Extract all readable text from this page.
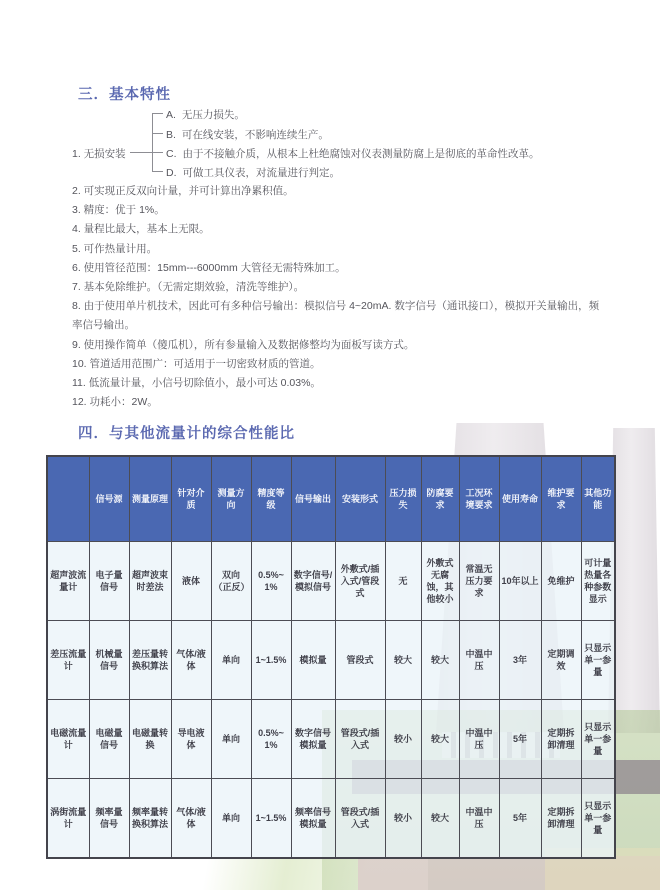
三．基本特性
1. 无损安装
A. 无压力损失。
B. 可在线安装，不影响连续生产。
C. 由于不接触介质，从根本上杜绝腐蚀对仪表测量防腐上是彻底的革命性改革。
D. 可做工具仪表，对流量进行判定。
2. 可实现正反双向计量，并可计算出净累积值。
3. 精度：优于 1%。
4. 量程比最大，基本上无限。
5. 可作热量计用。
6. 使用管径范围：15mm---6000mm 大管径无需特殊加工。
7. 基本免除维护。（无需定期效验，清洗等维护）。
8. 由于使用单片机技术，因此可有多种信号输出：模拟信号 4~20mA. 数字信号（通讯接口），模拟开关量输出，频率信号输出。
9. 使用操作简单（傻瓜机），所有参量输入及数据修整均为面板写读方式。
10. 管道适用范围广：可适用于一切密致材质的管道。
11. 低流量计量，小信号切除值小，最小可达 0.03%。
12. 功耗小：2W。
四．与其他流量计的综合性能比
	信号源	测量原理	针对介质	测量方向	精度等级	信号输出	安装形式	压力损失	防腐要求	工况环境要求	使用寿命	维护要求	其他功能
超声波流量计	电子量信号	超声波束时差法	液体	双向（正反）	0.5%~1%	数字信号/模拟信号	外敷式/插入式/管段式	无	外敷式无腐蚀，其他较小	常温无压力要求	10年以上	免维护	可计量热量各种参数显示
差压流量计	机械量信号	差压量转换积算法	气体/液体	单向	1~1.5%	模拟量	管段式	较大	较大	中温中压	3年	定期调效	只显示单一参量
电磁流量计	电磁量信号	电磁量转换	导电液体	单向	0.5%~1%	数字信号模拟量	管段式/插入式	较小	较大	中温中压	5年	定期拆卸清理	只显示单一参量
涡街流量计	频率量信号	频率量转换积算法	气体/液体	单向	1~1.5%	频率信号模拟量	管段式/插入式	较小	较大	中温中压	5年	定期拆卸清理	只显示单一参量
